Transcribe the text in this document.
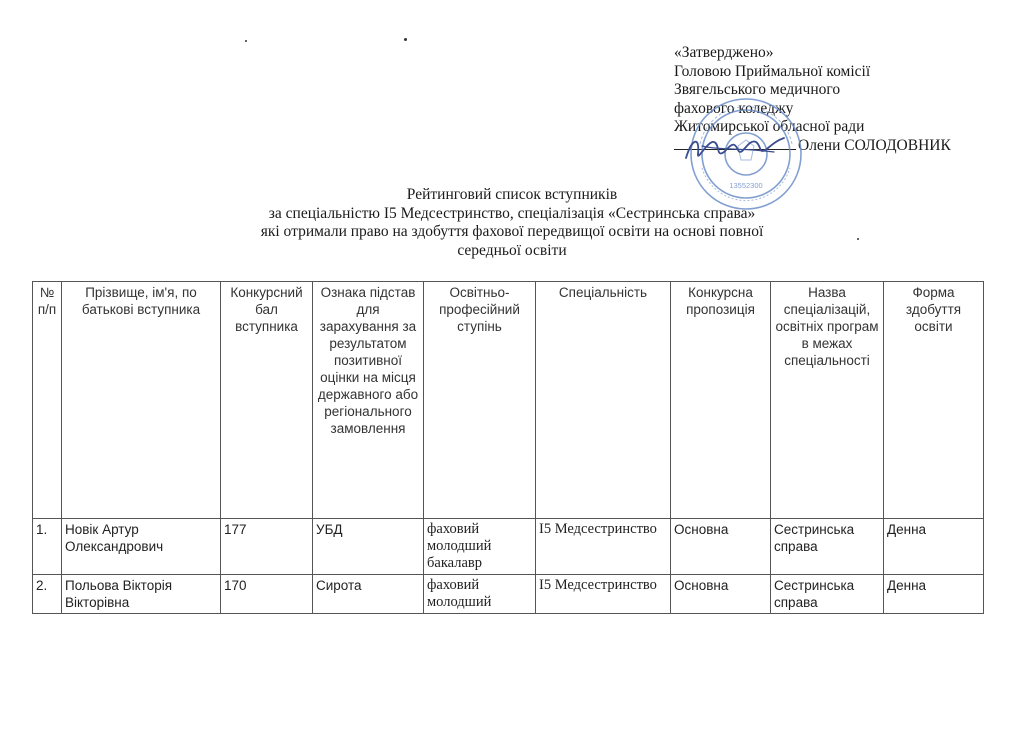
«Затверджено»
Головою Приймальної комісії
Звягельського медичного
фахового коледжу
Житомирської обласної ради
Олени СОЛОДОВНИК
13552300
Рейтинговий список вступників
за спеціальністю І5 Медсестринство, спеціалізація «Сестринська справа»
які отримали право на здобуття фахової передвищої освіти на основі повної
середньої освіти
№ п/п	Прізвище, ім'я, по батькові вступника	Конкурсний бал вступника	Ознака підстав для зарахування за результатом позитивної оцінки на місця державного або регіонального замовлення	Освітньо-професійний ступінь	Спеціальність	Конкурсна пропозиція	Назва спеціалізацій, освітніх програм в межах спеціальності	Форма здобуття освіти
1.	Новік Артур Олександрович	177	УБД	фаховий молодший бакалавр	І5 Медсестринство	Основна	Сестринська справа	Денна
2.	Польова Вікторія Вікторівна	170	Сирота	фаховий молодший	І5 Медсестринство	Основна	Сестринська справа	Денна
